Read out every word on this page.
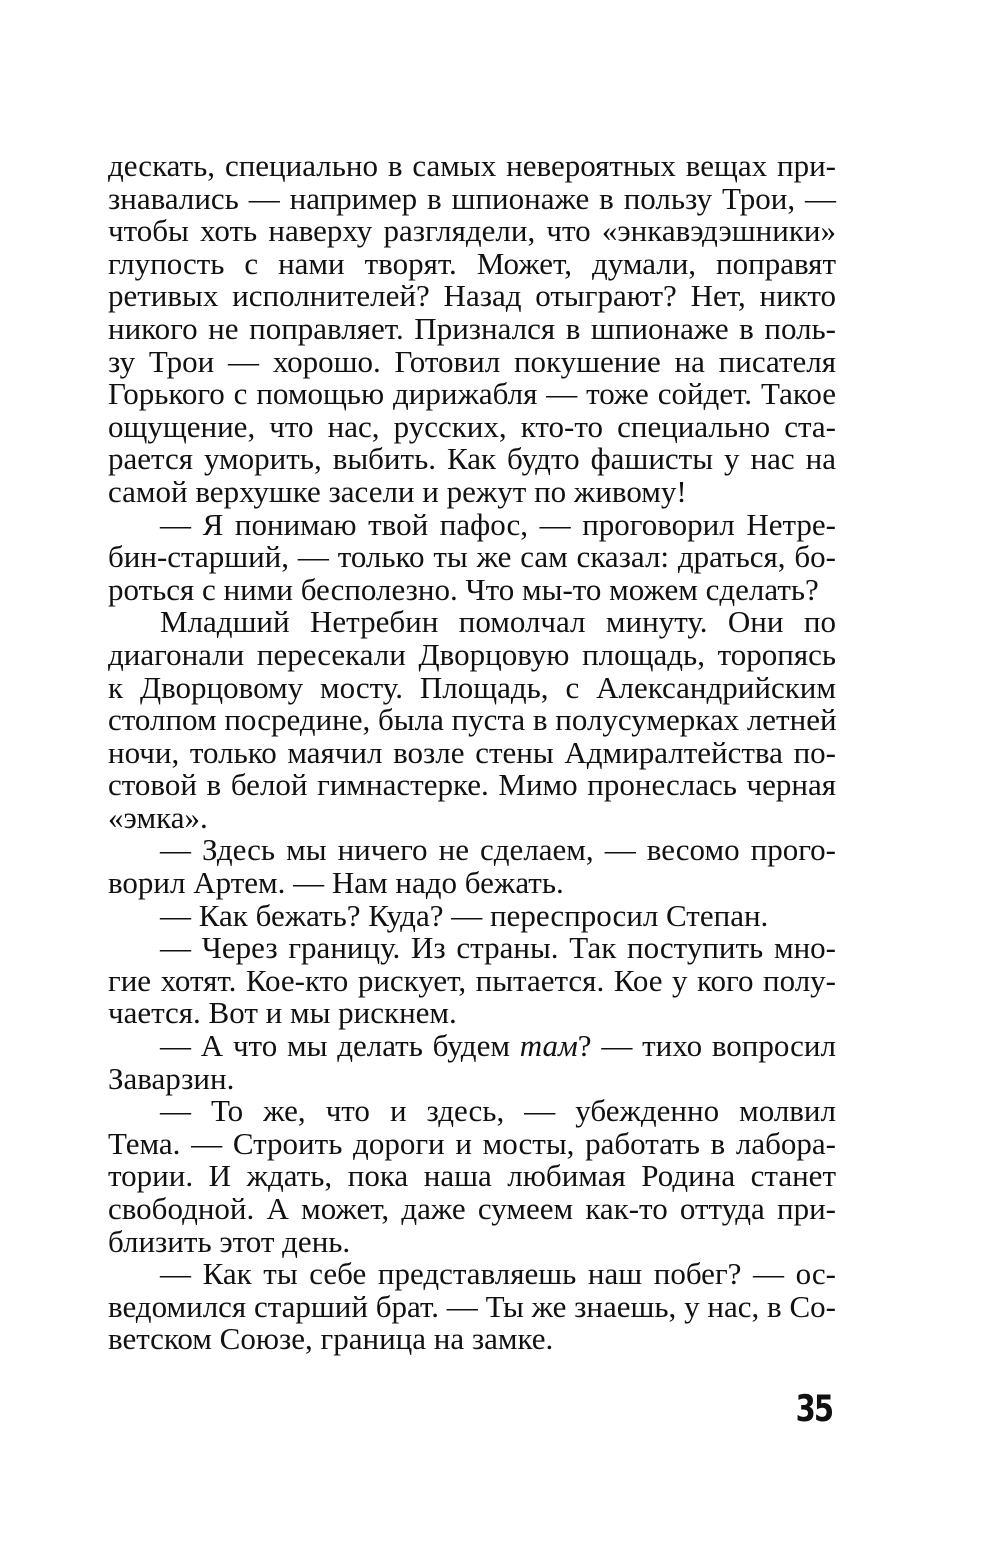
дескать, специально в самых невероятных вещах при-
знавались — например в шпионаже в пользу Трои, —
чтобы хоть наверху разглядели, что «энкавэдэшники»
глупость с нами творят. Может, думали, поправят
ретивых исполнителей? Назад отыграют? Нет, никто
никого не поправляет. Признался в шпионаже в поль-
зу Трои — хорошо. Готовил покушение на писателя
Горького с помощью дирижабля — тоже сойдет. Такое
ощущение, что нас, русских, кто-то специально ста-
рается уморить, выбить. Как будто фашисты у нас на
самой верхушке засели и режут по живому!
— Я понимаю твой пафос, — проговорил Нетре-
бин-старший, — только ты же сам сказал: драться, бо-
роться с ними бесполезно. Что мы-то можем сделать?
Младший Нетребин помолчал минуту. Они по
диагонали пересекали Дворцовую площадь, торопясь
к Дворцовому мосту. Площадь, с Александрийским
столпом посредине, была пуста в полусумерках летней
ночи, только маячил возле стены Адмиралтейства по-
стовой в белой гимнастерке. Мимо пронеслась черная
«эмка».
— Здесь мы ничего не сделаем, — весомо прого-
ворил Артем. — Нам надо бежать.
— Как бежать? Куда? — переспросил Степан.
— Через границу. Из страны. Так поступить мно-
гие хотят. Кое-кто рискует, пытается. Кое у кого полу-
чается. Вот и мы рискнем.
— А что мы делать будем там? — тихо вопросил
Заварзин.
— То же, что и здесь, — убежденно молвил
Тема. — Строить дороги и мосты, работать в лабора-
тории. И ждать, пока наша любимая Родина станет
свободной. А может, даже сумеем как-то оттуда при-
близить этот день.
— Как ты себе представляешь наш побег? — ос-
ведомился старший брат. — Ты же знаешь, у нас, в Со-
ветском Союзе, граница на замке.
35
